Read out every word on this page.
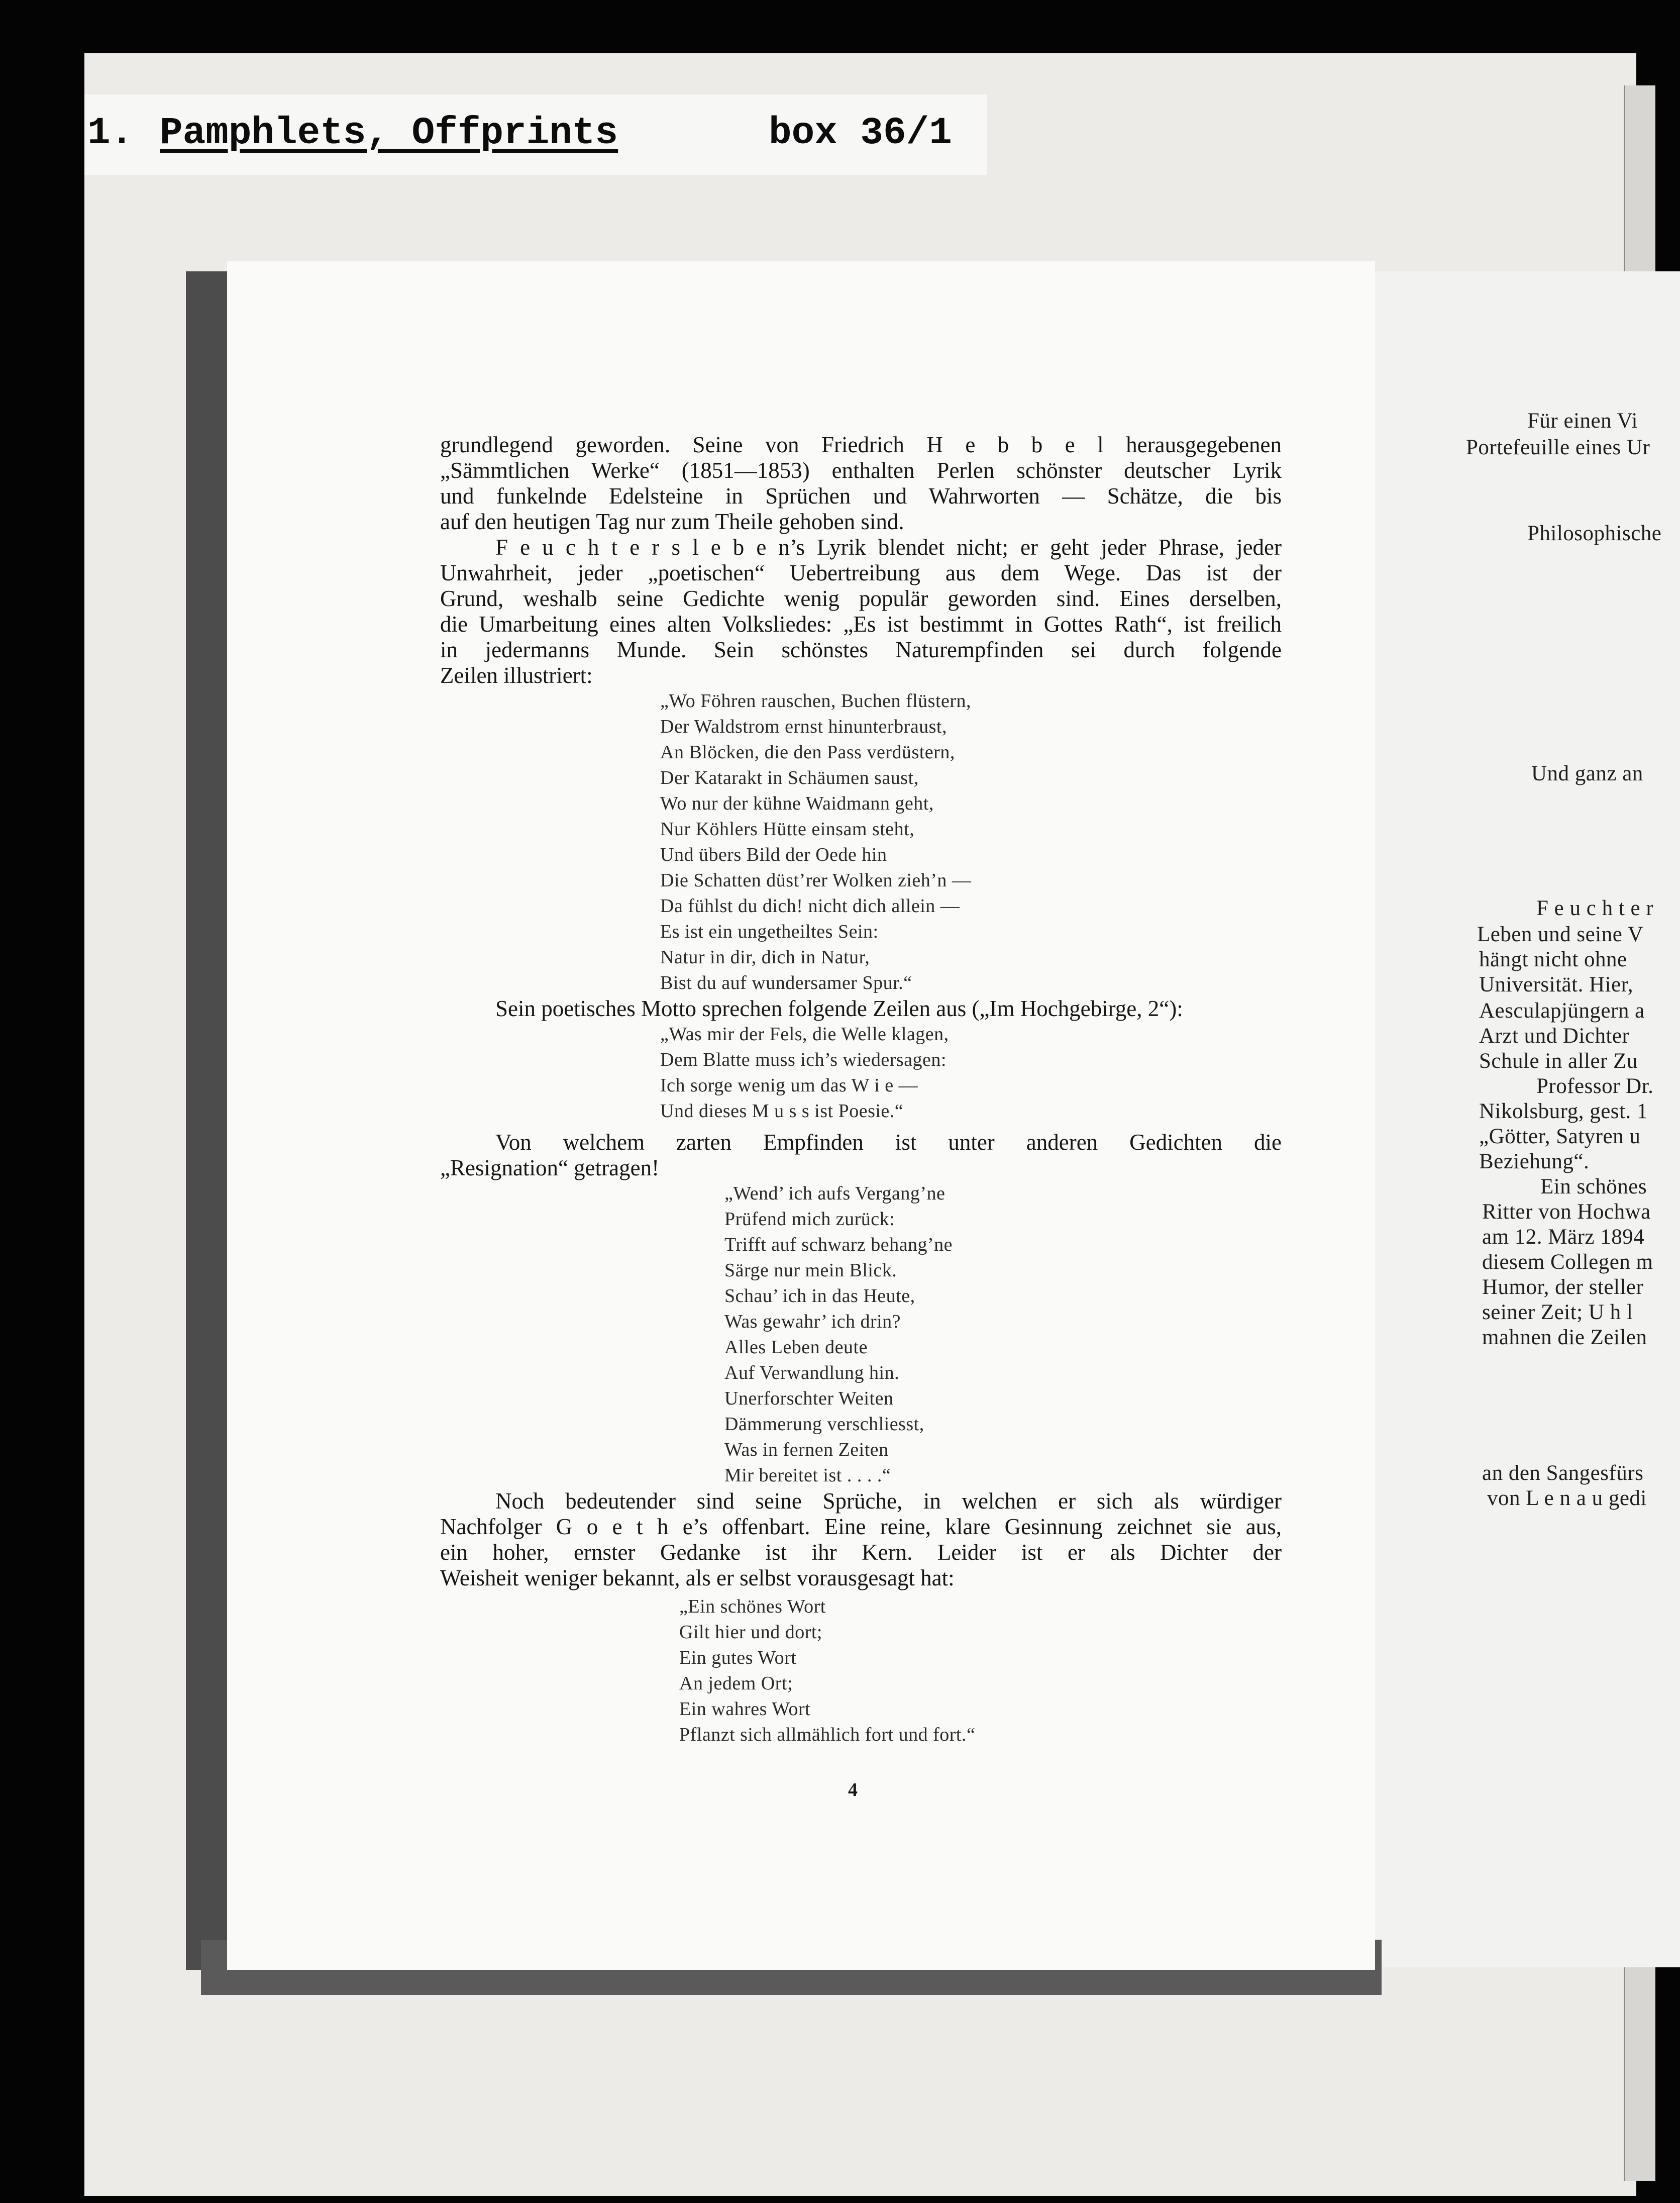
1.

Pamphlets, Offprints

	box 36/1

Für einen Vi
Portefeuille eines Ur
Philosophische
Und ganz an
F e u c h t e r
Leben und seine V
hängt nicht ohne
Universität. Hier,
Aesculapjüngern a
Arzt und Dichter
Schule in aller Zu
Professor Dr.
Nikolsburg, gest. 1
„Götter, Satyren u
Beziehung“.
Ein schönes
Ritter von Hochwa
am 12. März 1894
diesem Collegen m
Humor, der steller
seiner Zeit; U h l
mahnen die Zeilen
an den Sangesfürs
von L e n a u gedi
grundlegend geworden. Seine von Friedrich H e b b e l herausgegebenen
„Sämmtlichen Werke“ (1851—1853) enthalten Perlen schönster deutscher Lyrik
und funkelnde Edelsteine in Sprüchen und Wahrworten — Schätze, die bis
auf den heutigen Tag nur zum Theile gehoben sind.
F e u c h t e r s l e b e n’s Lyrik blendet nicht; er geht jeder Phrase, jeder
Unwahrheit, jeder „poetischen“ Uebertreibung aus dem Wege. Das ist der
Grund, weshalb seine Gedichte wenig populär geworden sind. Eines derselben,
die Umarbeitung eines alten Volksliedes: „Es ist bestimmt in Gottes Rath“, ist freilich
in jedermanns Munde. Sein schönstes Naturempfinden sei durch folgende
Zeilen illustriert:
„Wo Föhren rauschen, Buchen flüstern,
Der Waldstrom ernst hinunterbraust,
An Blöcken, die den Pass verdüstern,
Der Katarakt in Schäumen saust,
Wo nur der kühne Waidmann geht,
Nur Köhlers Hütte einsam steht,
Und übers Bild der Oede hin
Die Schatten düst’rer Wolken zieh’n —
Da fühlst du dich! nicht dich allein —
Es ist ein ungetheiltes Sein:
Natur in dir, dich in Natur,
Bist du auf wundersamer Spur.“
Sein poetisches Motto sprechen folgende Zeilen aus („Im Hochgebirge, 2“):
„Was mir der Fels, die Welle klagen,
Dem Blatte muss ich’s wiedersagen:
Ich sorge wenig um das W i e —
Und dieses M u s s ist Poesie.“
Von welchem zarten Empfinden ist unter anderen Gedichten die
„Resignation“ getragen!
„Wend’ ich aufs Vergang’ne
Prüfend mich zurück:
Trifft auf schwarz behang’ne
Särge nur mein Blick.
Schau’ ich in das Heute,
Was gewahr’ ich drin?
Alles Leben deute
Auf Verwandlung hin.
Unerforschter Weiten
Dämmerung verschliesst,
Was in fernen Zeiten
Mir bereitet ist . . . .“
Noch bedeutender sind seine Sprüche, in welchen er sich als würdiger
Nachfolger G o e t h e’s offenbart. Eine reine, klare Gesinnung zeichnet sie aus,
ein hoher, ernster Gedanke ist ihr Kern. Leider ist er als Dichter der
Weisheit weniger bekannt, als er selbst vorausgesagt hat:
„Ein schönes Wort
Gilt hier und dort;
Ein gutes Wort
An jedem Ort;
Ein wahres Wort
Pflanzt sich allmählich fort und fort.“
4
